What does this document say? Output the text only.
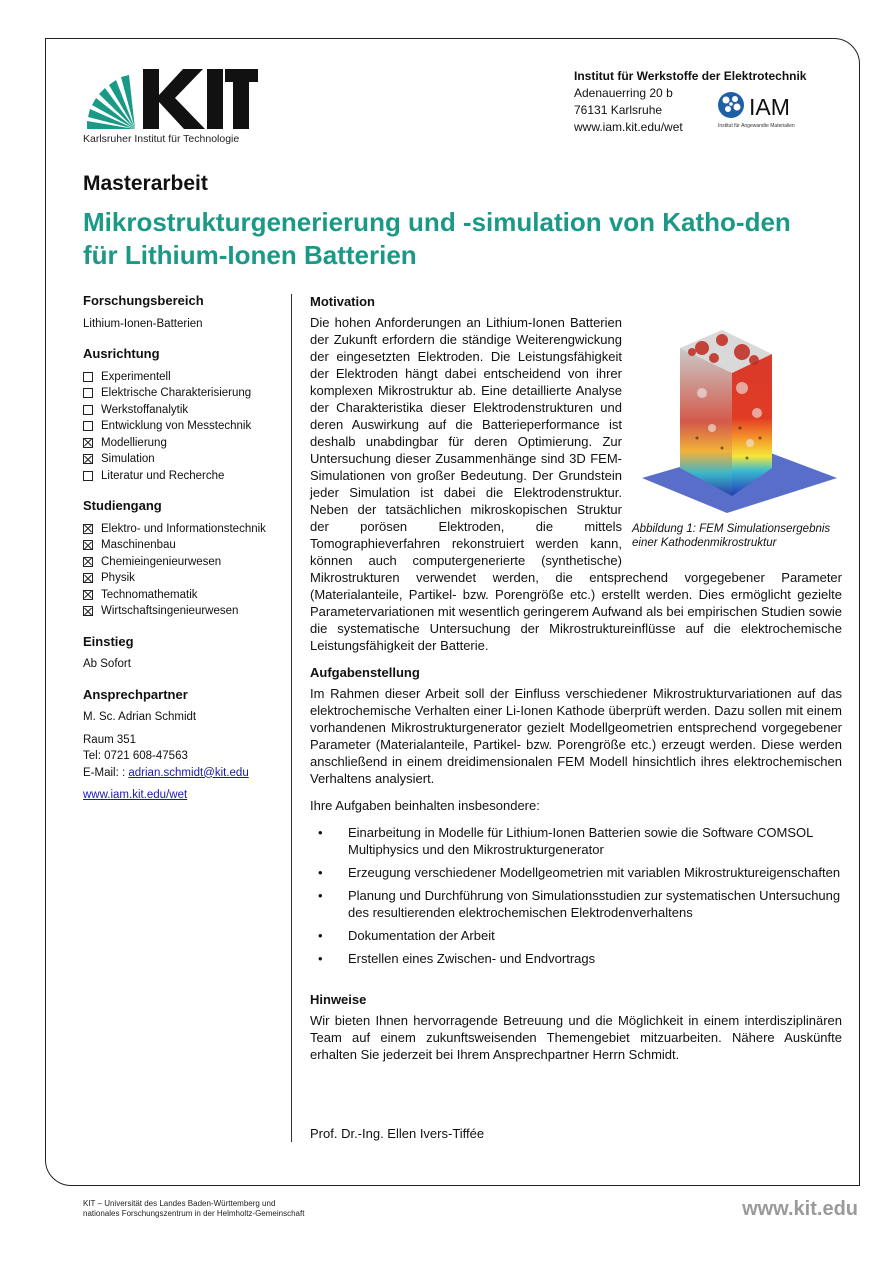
Karlsruher Institut für Technologie
Institut für Werkstoffe der Elektrotechnik
Adenauerring 20 b
76131 Karlsruhe
www.iam.kit.edu/wet
IAM
Institut für Angewandte Materialien
Masterarbeit
Mikrostrukturgenerierung und -simulation von Katho-den für Lithium-Ionen Batterien
Forschungsbereich

Lithium-Ionen-Batterien

Ausrichtung
Experimentell
Elektrische Charakterisierung
Werkstoffanalytik
Entwicklung von Messtechnik
Modellierung
Simulation
Literatur und Recherche
Studiengang
Elektro- und Informationstechnik
Maschinenbau
Chemieingenieurwesen
Physik
Technomathematik
Wirtschaftsingenieurwesen
Einstieg

Ab Sofort

Ansprechpartner

M. Sc. Adrian Schmidt

Raum 351

Tel: 0721 608-47563

E-Mail: : adrian.schmidt@kit.edu

www.iam.kit.edu/wet

Motivation
Abbildung 1: FEM Simulationsergebnis einer Kathodenmikrostruktur

Die hohen Anforderungen an Lithium-Ionen Batterien der Zukunft erfordern die ständige Weiterengwickung der eingesetzten Elektroden. Die Leistungsfähigkeit der Elektroden hängt dabei entscheidend von ihrer komplexen Mikrostruktur ab. Eine detaillierte Analyse der Charakteristika dieser Elektrodenstrukturen und deren Auswirkung auf die Batterieperformance ist deshalb unabdingbar für deren Optimierung. Zur Untersuchung dieser Zusammenhänge sind 3D FEM-Simulationen von großer Bedeutung. Der Grundstein jeder Simulation ist dabei die Elektrodenstruktur. Neben der tatsächlichen mikroskopischen Struktur der porösen Elektroden, die mittels Tomographieverfahren rekonstruiert werden kann, können auch computergenerierte (synthetische) Mikrostrukturen verwendet werden, die entsprechend vorgegebener Parameter (Materialanteile, Partikel- bzw. Porengröße etc.) erstellt werden. Dies ermöglicht gezielte Parametervariationen mit wesentlich geringerem Aufwand als bei empirischen Studien sowie die systematische Untersuchung der Mikrostruktureinflüsse auf die elektrochemische Leistungsfähigkeit der Batterie.

Aufgabenstellung

Im Rahmen dieser Arbeit soll der Einfluss verschiedener Mikrostrukturvariationen auf das elektrochemische Verhalten einer Li-Ionen Kathode überprüft werden. Dazu sollen mit einem vorhandenen Mikrostrukturgenerator gezielt Modellgeometrien entsprechend vorgegebener Parameter (Materialanteile, Partikel- bzw. Porengröße etc.) erzeugt werden. Diese werden anschließend in einem dreidimensionalen FEM Modell hinsichtlich ihres elektrochemischen Verhaltens analysiert.

Ihre Aufgaben beinhalten insbesondere:

• Einarbeitung in Modelle für Lithium-Ionen Batterien sowie die Software COMSOL Multiphysics und den Mikrostrukturgenerator
• Erzeugung verschiedener Modellgeometrien mit variablen Mikrostruktureigenschaften
• Planung und Durchführung von Simulationsstudien zur systematischen Untersuchung des resultierenden elektrochemischen Elektrodenverhaltens
• Dokumentation der Arbeit
• Erstellen eines Zwischen- und Endvortrags
Hinweise

Wir bieten Ihnen hervorragende Betreuung und die Möglichkeit in einem interdisziplinären Team auf einem zukunftsweisenden Themengebiet mitzuarbeiten. Nähere Auskünfte erhalten Sie jederzeit bei Ihrem Ansprechpartner Herrn Schmidt.

Prof. Dr.-Ing. Ellen Ivers-Tiffée
KIT – Universität des Landes Baden-Württemberg und
nationales Forschungszentrum in der Helmholtz-Gemeinschaft	www.kit.edu
